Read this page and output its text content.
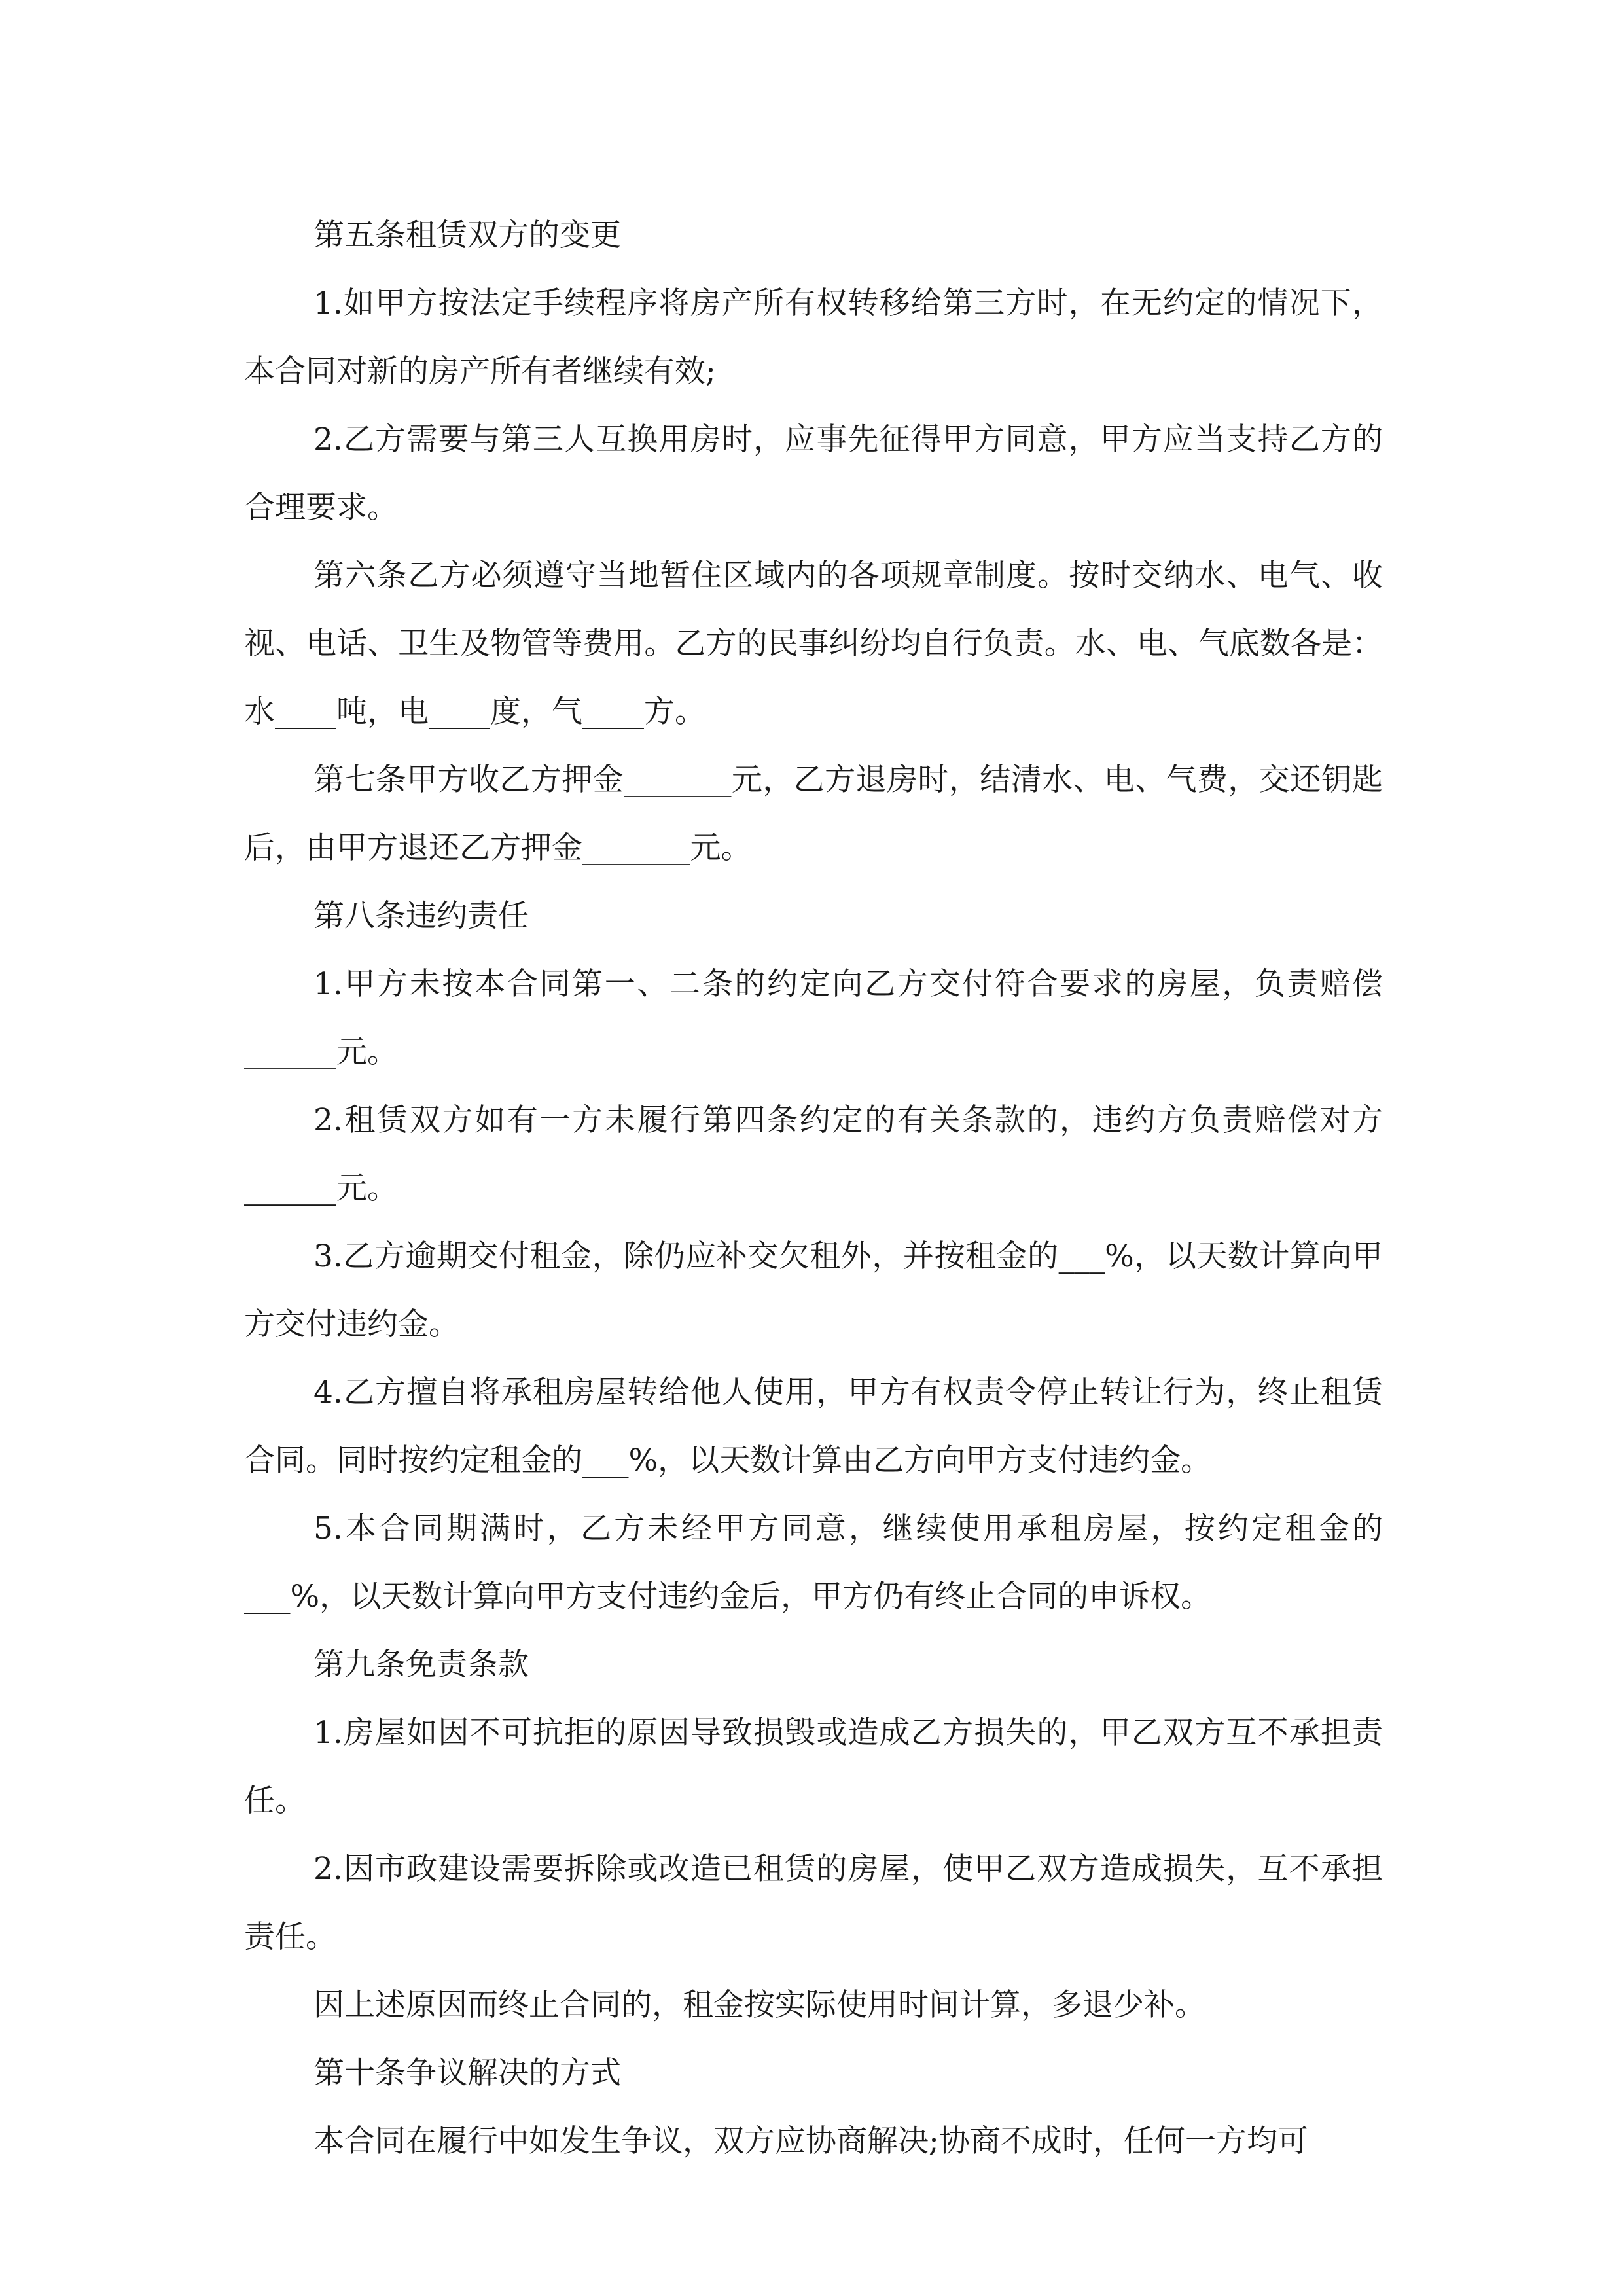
第五条租赁双方的变更

1.如甲方按法定手续程序将房产所有权转移给第三方时，在无约定的情况下，本合同对新的房产所有者继续有效;

2.乙方需要与第三人互换用房时，应事先征得甲方同意，甲方应当支持乙方的合理要求。

第六条乙方必须遵守当地暂住区域内的各项规章制度。按时交纳水、电气、收视、电话、卫生及物管等费用。乙方的民事纠纷均自行负责。水、电、气底数各是：水____吨，电____度，气____方。

第七条甲方收乙方押金_______元，乙方退房时，结清水、电、气费，交还钥匙后，由甲方退还乙方押金_______元。

第八条违约责任

1.甲方未按本合同第一、二条的约定向乙方交付符合要求的房屋，负责赔偿______元。

2.租赁双方如有一方未履行第四条约定的有关条款的，违约方负责赔偿对方______元。

3.乙方逾期交付租金，除仍应补交欠租外，并按租金的___%，以天数计算向甲方交付违约金。

4.乙方擅自将承租房屋转给他人使用，甲方有权责令停止转让行为，终止租赁合同。同时按约定租金的___%，以天数计算由乙方向甲方支付违约金。

5.本合同期满时，乙方未经甲方同意，继续使用承租房屋，按约定租金的___%，以天数计算向甲方支付违约金后，甲方仍有终止合同的申诉权。

第九条免责条款

1.房屋如因不可抗拒的原因导致损毁或造成乙方损失的，甲乙双方互不承担责任。

2.因市政建设需要拆除或改造已租赁的房屋，使甲乙双方造成损失，互不承担责任。

因上述原因而终止合同的，租金按实际使用时间计算，多退少补。

第十条争议解决的方式

本合同在履行中如发生争议，双方应协商解决;协商不成时，任何一方均可
